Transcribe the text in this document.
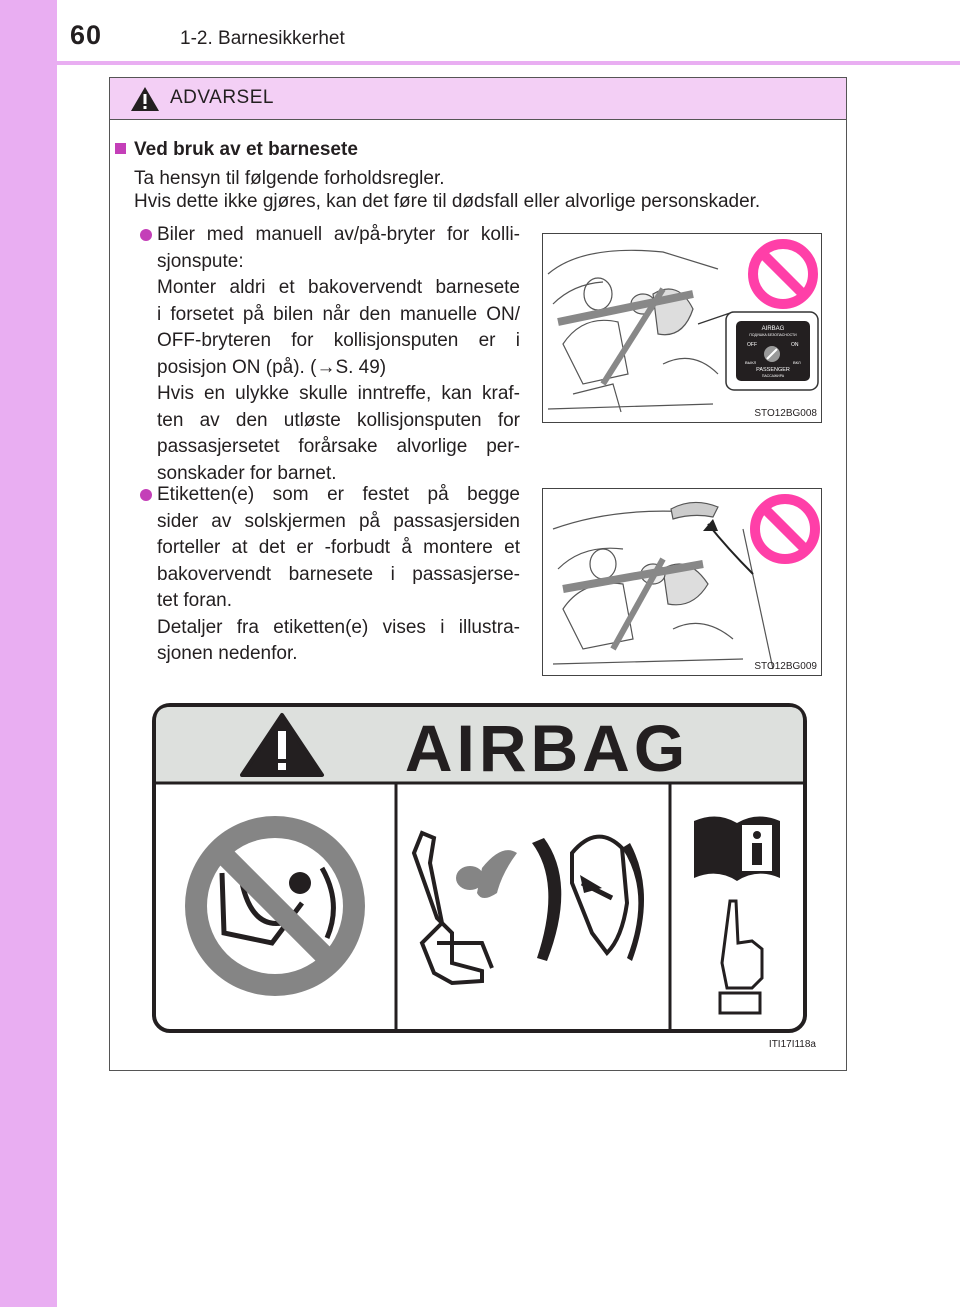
60	1-2. Barnesikkerhet
ADVARSEL
Ved bruk av et barnesete
Ta hensyn til følgende forholdsregler.
Hvis dette ikke gjøres, kan det føre til dødsfall eller alvorlige personskader.
Biler med manuell av/på-bryter for kolli-
sjonspute:
Monter aldri et bakovervendt barnesete
i forsetet på bilen når den manuelle ON/
OFF-bryteren for kollisjonsputen er i
posisjon ON (på). (→S. 49)
Hvis en ulykke skulle inntreffe, kan kraf-
ten av den utløste kollisjonsputen for
passasjersetet forårsake alvorlige per-
sonskader for barnet.
AIRBAG
ПОДУШКА БЕЗОПАСНОСТИ
OFF	ON
ВЫКЛ	ВКЛ
PASSENGER
ПАССАЖИРА
STO12BG008
Etiketten(e) som er festet på begge
sider av solskjermen på passasjersiden
forteller at det er -forbudt å montere et
bakovervendt barnesete i passasjerse-
tet foran.
Detaljer fra etiketten(e) vises i illustra-
sjonen nedenfor.
STO12BG009
AIRBAG
ITI17I118a
